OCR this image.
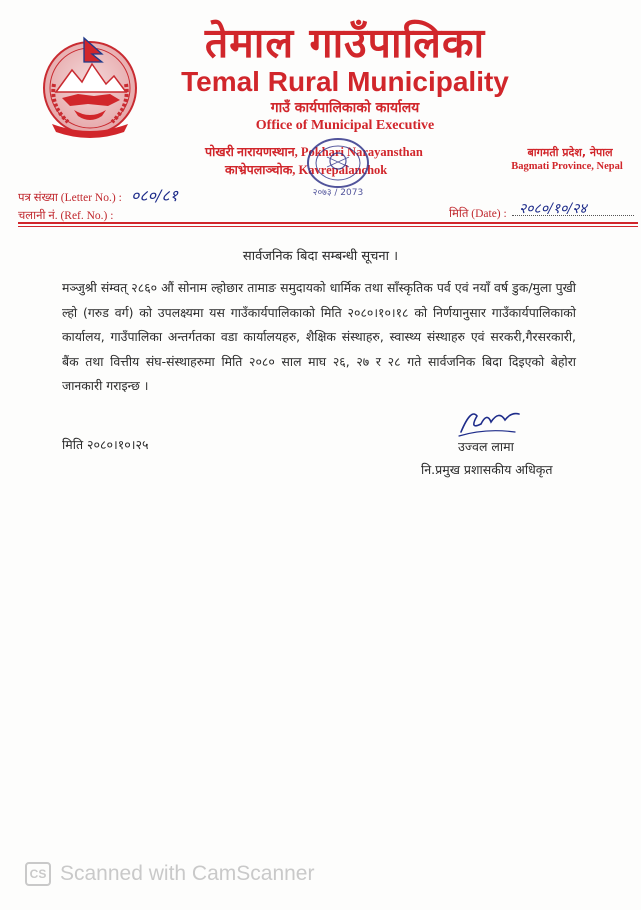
तेमाल गाउँपालिका
Temal Rural Municipality
गाउँ कार्यपालिकाको कार्यालय
Office of Municipal Executive
पोखरी नारायणस्थान, Pokhari Narayansthan
काभ्रेपलाञ्चोक, Kavrepalanchok
बागमती प्रदेश, नेपाल
Bagmati Province, Nepal
२०७३ / 2073
पत्र संख्या (Letter No.) : ०८०/८१
चलानी नं. (Ref. No.) :	मिति (Date) : २०८०/१०/२४
सार्वजनिक बिदा सम्बन्धी सूचना ।
मञ्जुश्री संम्वत् २८६० औं सोनाम ल्होछार तामाङ समुदायको धार्मिक तथा साँस्कृतिक पर्व एवं नयाँ वर्ष डुक/मुला पुखी ल्हो (गरुड वर्ग) को उपलक्ष्यमा यस गाउँकार्यपालिकाको मिति २०८०।१०।१८ को निर्णयानुसार गाउँकार्यपालिकाको कार्यालय, गाउँपालिका अन्तर्गतका वडा कार्यालयहरु, शैक्षिक संस्थाहरु, स्वास्थ्य संस्थाहरु एवं सरकरी,गैरसरकारी, बैंक तथा वित्तीय संघ-संस्थाहरुमा मिति २०८० साल माघ २६, २७ र २८ गते सार्वजनिक बिदा दिइएको बेहोरा जानकारी गराइन्छ ।
मिति २०८०।१०।२५	उज्वल लामा
नि.प्रमुख प्रशासकीय अधिकृत
CS Scanned with CamScanner
